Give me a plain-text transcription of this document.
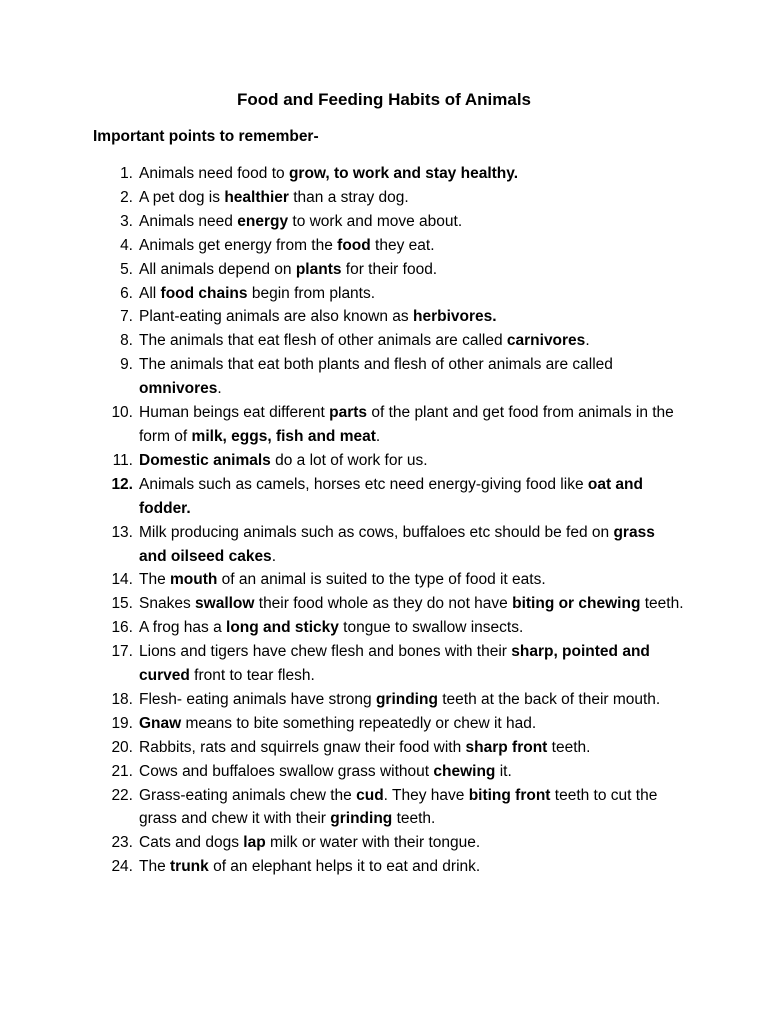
Food and Feeding Habits of Animals
Important points to remember-
1. Animals need food to grow, to work and stay healthy.
2. A pet dog is healthier than a stray dog.
3. Animals need energy to work and move about.
4. Animals get energy from the food they eat.
5. All animals depend on plants for their food.
6. All food chains begin from plants.
7. Plant-eating animals are also known as herbivores.
8. The animals that eat flesh of other animals are called carnivores.
9. The animals that eat both plants and flesh of other animals are called omnivores.
10. Human beings eat different parts of the plant and get food from animals in the form of milk, eggs, fish and meat.
11. Domestic animals do a lot of work for us.
12. Animals such as camels, horses etc need energy-giving food like oat and fodder.
13. Milk producing animals such as cows, buffaloes etc should be fed on grass and oilseed cakes.
14. The mouth of an animal is suited to the type of food it eats.
15. Snakes swallow their food whole as they do not have biting or chewing teeth.
16. A frog has a long and sticky tongue to swallow insects.
17. Lions and tigers have chew flesh and bones with their sharp, pointed and curved front to tear flesh.
18. Flesh- eating animals have strong grinding teeth at the back of their mouth.
19. Gnaw means to bite something repeatedly or chew it had.
20. Rabbits, rats and squirrels gnaw their food with sharp front teeth.
21. Cows and buffaloes swallow grass without chewing it.
22. Grass-eating animals chew the cud. They have biting front teeth to cut the grass and chew it with their grinding teeth.
23. Cats and dogs lap milk or water with their tongue.
24. The trunk of an elephant helps it to eat and drink.
